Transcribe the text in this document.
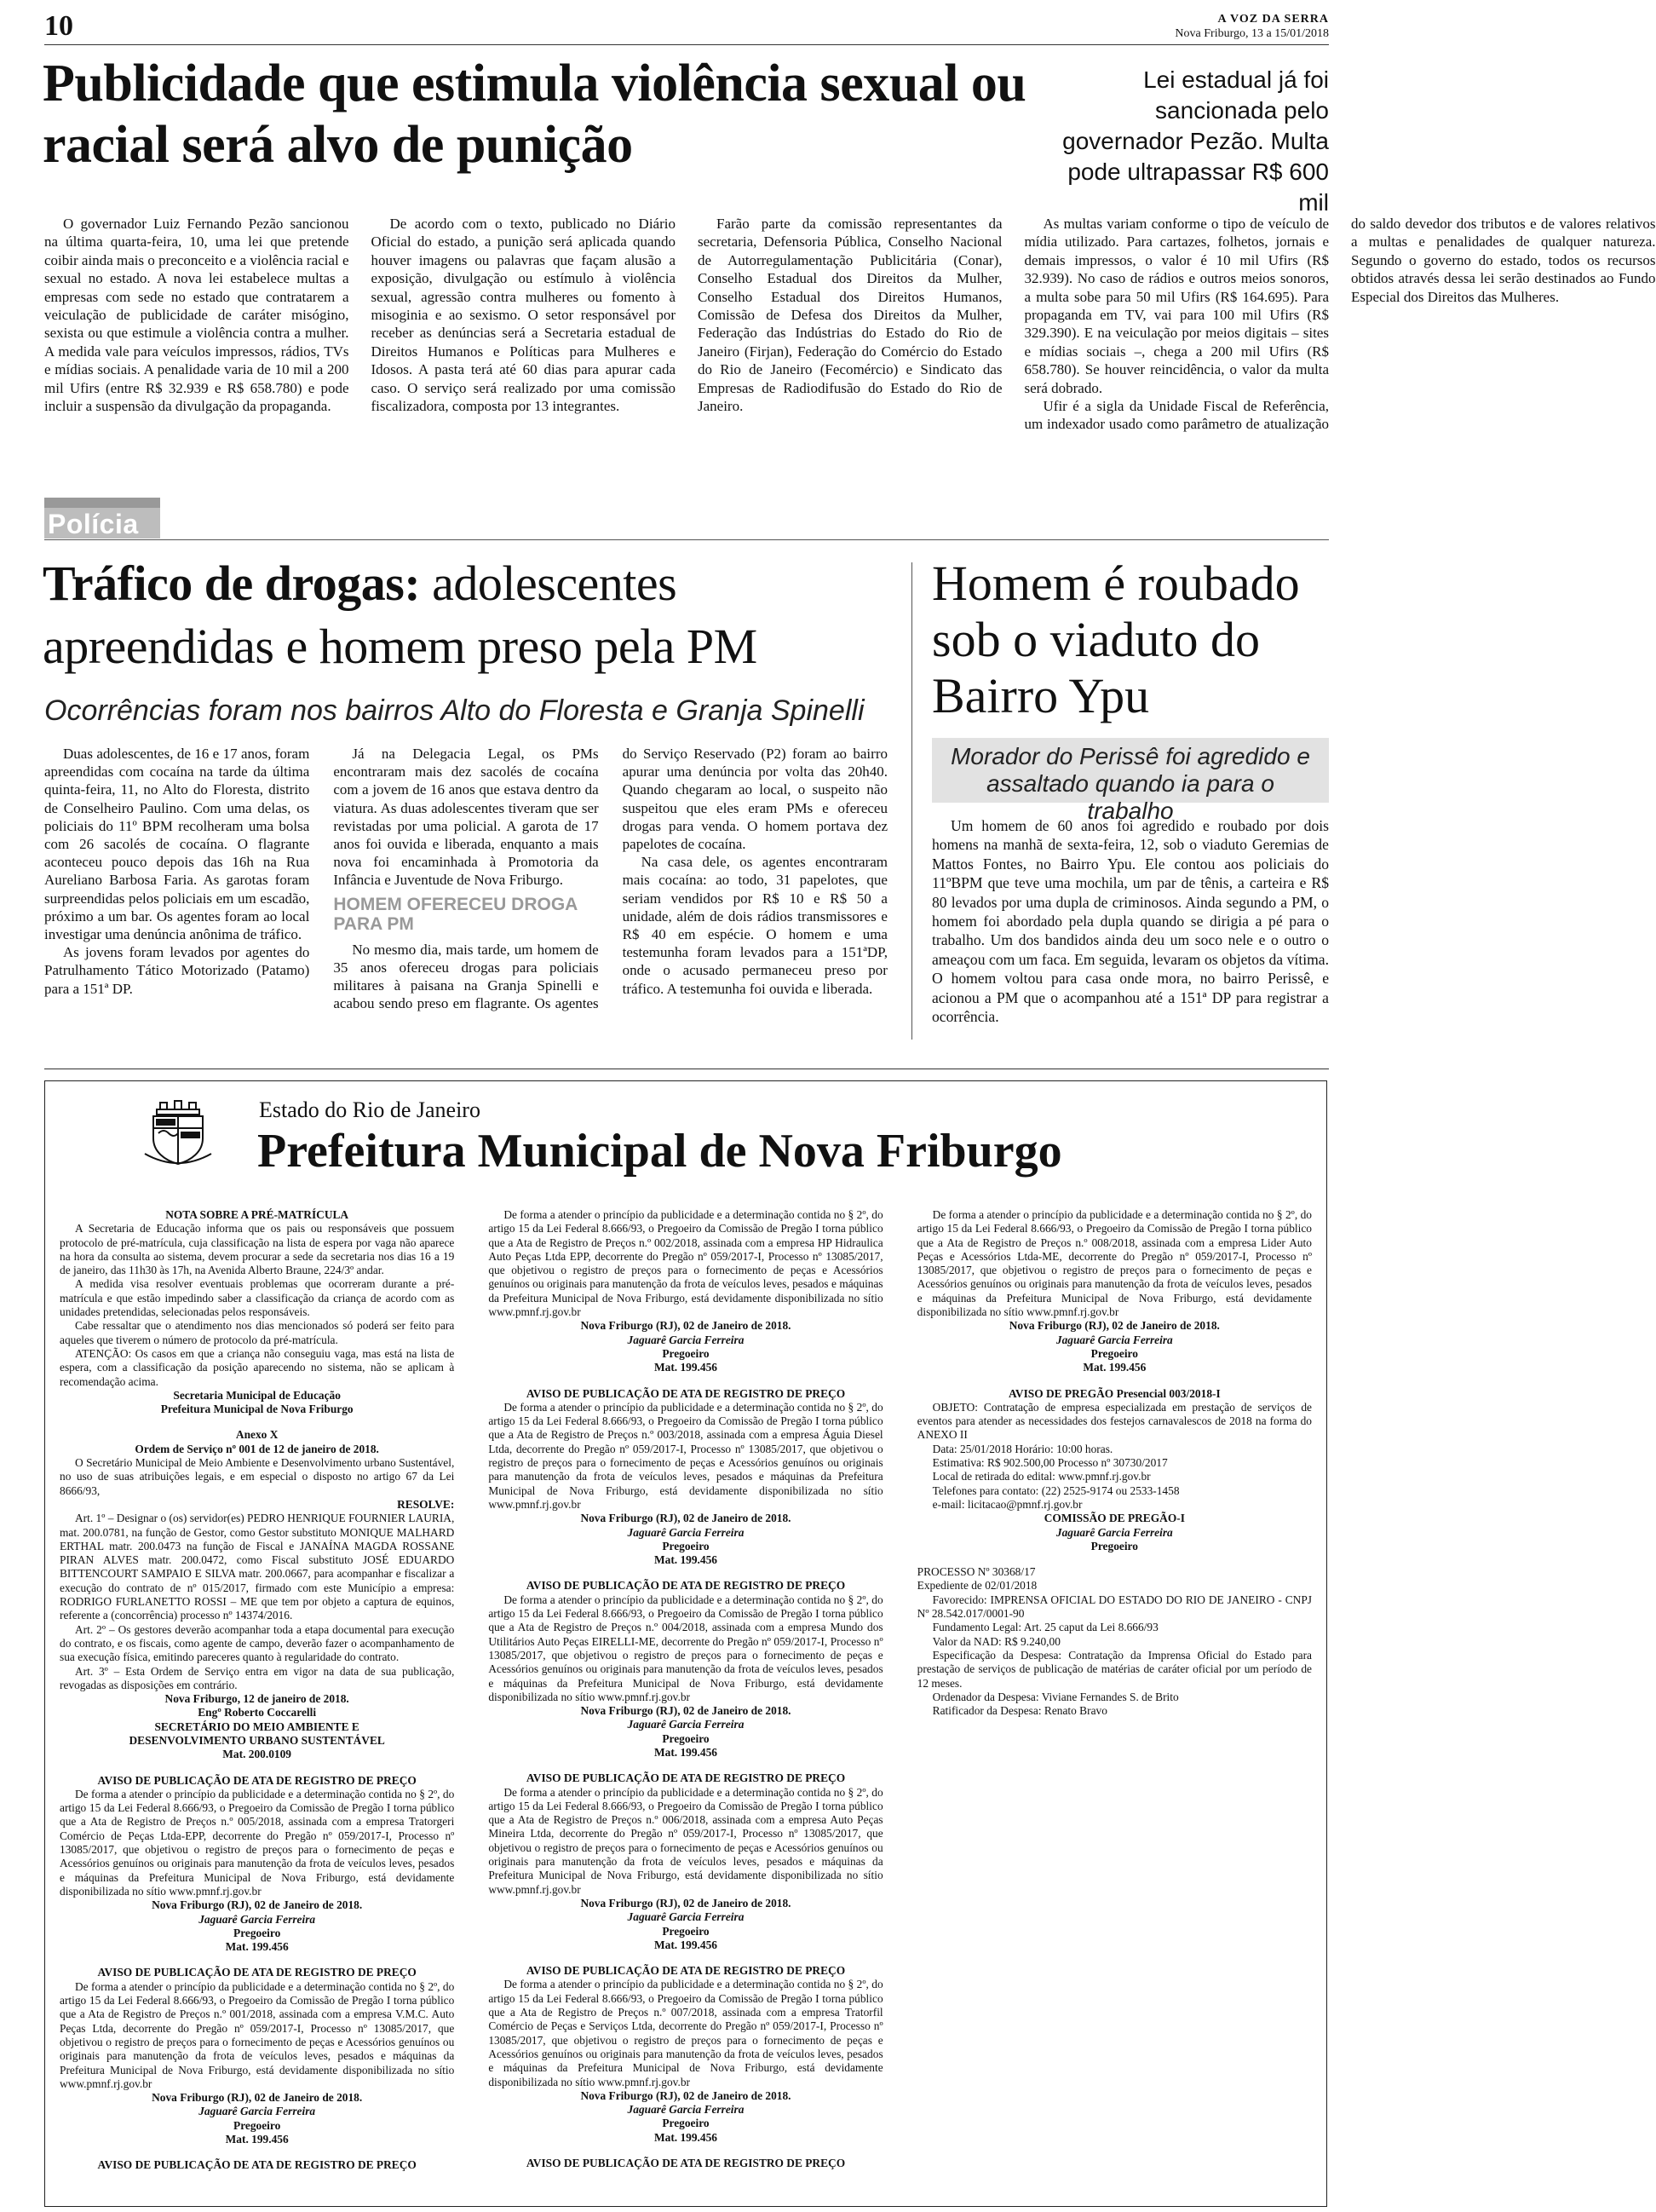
10	A VOZ DA SERRA
Nova Friburgo, 13 a 15/01/2018
Publicidade que estimula violência sexual ou racial será alvo de punição
Lei estadual já foi sancionada pelo governador Pezão. Multa pode ultrapassar R$ 600 mil

O governador Luiz Fernando Pezão sancionou na última quarta-feira, 10, uma lei que pretende coibir ainda mais o preconceito e a violência racial e sexual no estado. A nova lei estabelece multas a empresas com sede no estado que contratarem a veiculação de publicidade de caráter misógino, sexista ou que estimule a violência contra a mulher. A medida vale para veículos impressos, rádios, TVs e mídias sociais. A penalidade varia de 10 mil a 200 mil Ufirs (entre R$ 32.939 e R$ 658.780) e pode incluir a suspensão da divulgação da propaganda.

De acordo com o texto, publicado no Diário Oficial do estado, a punição será aplicada quando houver imagens ou palavras que façam alusão a exposição, divulgação ou estímulo à violência sexual, agressão contra mulheres ou fomento à misoginia e ao sexismo. O setor responsável por receber as denúncias será a Secretaria estadual de Direitos Humanos e Políticas para Mulheres e Idosos. A pasta terá até 60 dias para apurar cada caso. O serviço será realizado por uma comissão fiscalizadora, composta por 13 integrantes.

Farão parte da comissão representantes da secretaria, Defensoria Pública, Conselho Nacional de Autorregulamentação Publicitária (Conar), Conselho Estadual dos Direitos da Mulher, Conselho Estadual dos Direitos Humanos, Comissão de Defesa dos Direitos da Mulher, Federação das Indústrias do Estado do Rio de Janeiro (Firjan), Federação do Comércio do Estado do Rio de Janeiro (Fecomércio) e Sindicato das Empresas de Radiodifusão do Estado do Rio de Janeiro.

As multas variam conforme o tipo de veículo de mídia utilizado. Para cartazes, folhetos, jornais e demais impressos, o valor é 10 mil Ufirs (R$ 32.939). No caso de rádios e outros meios sonoros, a multa sobe para 50 mil Ufirs (R$ 164.695). Para propaganda em TV, vai para 100 mil Ufirs (R$ 329.390). E na veiculação por meios digitais – sites e mídias sociais –, chega a 200 mil Ufirs (R$ 658.780). Se houver reincidência, o valor da multa será dobrado.

Ufir é a sigla da Unidade Fiscal de Referência, um indexador usado como parâmetro de atualização do saldo devedor dos tributos e de valores relativos a multas e penalidades de qualquer natureza. Segundo o governo do estado, todos os recursos obtidos através dessa lei serão destinados ao Fundo Especial dos Direitos das Mulheres.

Polícia
Tráfico de drogas: adolescentes apreendidas e homem preso pela PM
Ocorrências foram nos bairros Alto do Floresta e Granja Spinelli

Duas adolescentes, de 16 e 17 anos, foram apreendidas com cocaína na tarde da última quinta-feira, 11, no Alto do Floresta, distrito de Conselheiro Paulino. Com uma delas, os policiais do 11º BPM recolheram uma bolsa com 26 sacolés de cocaína. O flagrante aconteceu pouco depois das 16h na Rua Aureliano Barbosa Faria. As garotas foram surpreendidas pelos policiais em um escadão, próximo a um bar. Os agentes foram ao local investigar uma denúncia anônima de tráfico.

As jovens foram levados por agentes do Patrulhamento Tático Motorizado (Patamo) para a 151ª DP.

Já na Delegacia Legal, os PMs encontraram mais dez sacolés de cocaína com a jovem de 16 anos que estava dentro da viatura. As duas adolescentes tiveram que ser revistadas por uma policial. A garota de 17 anos foi ouvida e liberada, enquanto a mais nova foi encaminhada à Promotoria da Infância e Juventude de Nova Friburgo.

HOMEM OFERECEU DROGA PARA PM

No mesmo dia, mais tarde, um homem de 35 anos ofereceu drogas para policiais militares à paisana na Granja Spinelli e acabou sendo preso em flagrante. Os agentes do Serviço Reservado (P2) foram ao bairro apurar uma denúncia por volta das 20h40. Quando chegaram ao local, o suspeito não suspeitou que eles eram PMs e ofereceu drogas para venda. O homem portava dez papelotes de cocaína.

Na casa dele, os agentes encontraram mais cocaína: ao todo, 31 papelotes, que seriam vendidos por R$ 10 e R$ 50 a unidade, além de dois rádios transmissores e R$ 40 em espécie. O homem e uma testemunha foram levados para a 151ªDP, onde o acusado permaneceu preso por tráfico. A testemunha foi ouvida e liberada.

Homem é roubado sob o viaduto do Bairro Ypu
Morador do Perissê foi agredido e assaltado quando ia para o trabalho

Um homem de 60 anos foi agredido e roubado por dois homens na manhã de sexta-feira, 12, sob o viaduto Geremias de Mattos Fontes, no Bairro Ypu. Ele contou aos policiais do 11ºBPM que teve uma mochila, um par de tênis, a carteira e R$ 80 levados por uma dupla de criminosos. Ainda segundo a PM, o homem foi abordado pela dupla quando se dirigia a pé para o trabalho. Um dos bandidos ainda deu um soco nele e o outro o ameaçou com um faca. Em seguida, levaram os objetos da vítima. O homem voltou para casa onde mora, no bairro Perissê, e acionou a PM que o acompanhou até a 151ª DP para registrar a ocorrência.

Estado do Rio de Janeiro
Prefeitura Municipal de Nova Friburgo

NOTA SOBRE A PRÉ-MATRÍCULA

A Secretaria de Educação informa que os pais ou responsáveis que possuem protocolo de pré-matrícula, cuja classificação na lista de espera por vaga não aparece na hora da consulta ao sistema, devem procurar a sede da secretaria nos dias 16 a 19 de janeiro, das 11h30 às 17h, na Avenida Alberto Braune, 224/3º andar.

A medida visa resolver eventuais problemas que ocorreram durante a pré-matrícula e que estão impedindo saber a classificação da criança de acordo com as unidades pretendidas, selecionadas pelos responsáveis.

Cabe ressaltar que o atendimento nos dias mencionados só poderá ser feito para aqueles que tiverem o número de protocolo da pré-matrícula.

ATENÇÃO: Os casos em que a criança não conseguiu vaga, mas está na lista de espera, com a classificação da posição aparecendo no sistema, não se aplicam à recomendação acima.

Secretaria Municipal de Educação

Prefeitura Municipal de Nova Friburgo

Anexo X

Ordem de Serviço nº 001 de 12 de janeiro de 2018.

O Secretário Municipal de Meio Ambiente e Desenvolvimento urbano Sustentável, no uso de suas atribuições legais, e em especial o disposto no artigo 67 da Lei 8666/93,

RESOLVE:

Art. 1º – Designar o (os) servidor(es) PEDRO HENRIQUE FOURNIER LAURIA, mat. 200.0781, na função de Gestor, como Gestor substituto MONIQUE MALHARD ERTHAL matr. 200.0473 na função de Fiscal e JANAÍNA MAGDA ROSSANE PIRAN ALVES matr. 200.0472, como Fiscal substituto JOSÉ EDUARDO BITTENCOURT SAMPAIO E SILVA matr. 200.0667, para acompanhar e fiscalizar a execução do contrato de nº 015/2017, firmado com este Município a empresa: RODRIGO FURLANETTO ROSSI – ME que tem por objeto a captura de equinos, referente a (concorrência) processo nº 14374/2016.

Art. 2º – Os gestores deverão acompanhar toda a etapa documental para execução do contrato, e os fiscais, como agente de campo, deverão fazer o acompanhamento de sua execução física, emitindo pareceres quanto à regularidade do contrato.

Art. 3º – Esta Ordem de Serviço entra em vigor na data de sua publicação, revogadas as disposições em contrário.

Nova Friburgo, 12 de janeiro de 2018.

Engº Roberto Coccarelli

SECRETÁRIO DO MEIO AMBIENTE E

DESENVOLVIMENTO URBANO SUSTENTÁVEL

Mat. 200.0109

AVISO DE PUBLICAÇÃO DE ATA DE REGISTRO DE PREÇO

De forma a atender o princípio da publicidade e a determinação contida no § 2º, do artigo 15 da Lei Federal 8.666/93, o Pregoeiro da Comissão de Pregão I torna público que a Ata de Registro de Preços n.º 005/2018, assinada com a empresa Tratorgeri Comércio de Peças Ltda-EPP, decorrente do Pregão nº 059/2017-I, Processo nº 13085/2017, que objetivou o registro de preços para o fornecimento de peças e Acessórios genuínos ou originais para manutenção da frota de veículos leves, pesados e máquinas da Prefeitura Municipal de Nova Friburgo, está devidamente disponibilizada no sítio www.pmnf.rj.gov.br

Nova Friburgo (RJ), 02 de Janeiro de 2018.

Jaguarê Garcia Ferreira

Pregoeiro

Mat. 199.456

AVISO DE PUBLICAÇÃO DE ATA DE REGISTRO DE PREÇO

De forma a atender o princípio da publicidade e a determinação contida no § 2º, do artigo 15 da Lei Federal 8.666/93, o Pregoeiro da Comissão de Pregão I torna público que a Ata de Registro de Preços n.º 001/2018, assinada com a empresa V.M.C. Auto Peças Ltda, decorrente do Pregão nº 059/2017-I, Processo nº 13085/2017, que objetivou o registro de preços para o fornecimento de peças e Acessórios genuínos ou originais para manutenção da frota de veículos leves, pesados e máquinas da Prefeitura Municipal de Nova Friburgo, está devidamente disponibilizada no sítio www.pmnf.rj.gov.br

Nova Friburgo (RJ), 02 de Janeiro de 2018.

Jaguarê Garcia Ferreira

Pregoeiro

Mat. 199.456

AVISO DE PUBLICAÇÃO DE ATA DE REGISTRO DE PREÇO

De forma a atender o princípio da publicidade e a determinação contida no § 2º, do artigo 15 da Lei Federal 8.666/93, o Pregoeiro da Comissão de Pregão I torna público que a Ata de Registro de Preços n.º 002/2018, assinada com a empresa HP Hidraulica Auto Peças Ltda EPP, decorrente do Pregão nº 059/2017-I, Processo nº 13085/2017, que objetivou o registro de preços para o fornecimento de peças e Acessórios genuínos ou originais para manutenção da frota de veículos leves, pesados e máquinas da Prefeitura Municipal de Nova Friburgo, está devidamente disponibilizada no sítio www.pmnf.rj.gov.br

Nova Friburgo (RJ), 02 de Janeiro de 2018.

Jaguarê Garcia Ferreira

Pregoeiro

Mat. 199.456

AVISO DE PUBLICAÇÃO DE ATA DE REGISTRO DE PREÇO

De forma a atender o princípio da publicidade e a determinação contida no § 2º, do artigo 15 da Lei Federal 8.666/93, o Pregoeiro da Comissão de Pregão I torna público que a Ata de Registro de Preços n.º 003/2018, assinada com a empresa Águia Diesel Ltda, decorrente do Pregão nº 059/2017-I, Processo nº 13085/2017, que objetivou o registro de preços para o fornecimento de peças e Acessórios genuínos ou originais para manutenção da frota de veículos leves, pesados e máquinas da Prefeitura Municipal de Nova Friburgo, está devidamente disponibilizada no sítio www.pmnf.rj.gov.br

Nova Friburgo (RJ), 02 de Janeiro de 2018.

Jaguarê Garcia Ferreira

Pregoeiro

Mat. 199.456

AVISO DE PUBLICAÇÃO DE ATA DE REGISTRO DE PREÇO

De forma a atender o princípio da publicidade e a determinação contida no § 2º, do artigo 15 da Lei Federal 8.666/93, o Pregoeiro da Comissão de Pregão I torna público que a Ata de Registro de Preços n.º 004/2018, assinada com a empresa Mundo dos Utilitários Auto Peças EIRELLI-ME, decorrente do Pregão nº 059/2017-I, Processo nº 13085/2017, que objetivou o registro de preços para o fornecimento de peças e Acessórios genuínos ou originais para manutenção da frota de veículos leves, pesados e máquinas da Prefeitura Municipal de Nova Friburgo, está devidamente disponibilizada no sítio www.pmnf.rj.gov.br

Nova Friburgo (RJ), 02 de Janeiro de 2018.

Jaguarê Garcia Ferreira

Pregoeiro

Mat. 199.456

AVISO DE PUBLICAÇÃO DE ATA DE REGISTRO DE PREÇO

De forma a atender o princípio da publicidade e a determinação contida no § 2º, do artigo 15 da Lei Federal 8.666/93, o Pregoeiro da Comissão de Pregão I torna público que a Ata de Registro de Preços n.º 006/2018, assinada com a empresa Auto Peças Mineira Ltda, decorrente do Pregão nº 059/2017-I, Processo nº 13085/2017, que objetivou o registro de preços para o fornecimento de peças e Acessórios genuínos ou originais para manutenção da frota de veículos leves, pesados e máquinas da Prefeitura Municipal de Nova Friburgo, está devidamente disponibilizada no sítio www.pmnf.rj.gov.br

Nova Friburgo (RJ), 02 de Janeiro de 2018.

Jaguarê Garcia Ferreira

Pregoeiro

Mat. 199.456

AVISO DE PUBLICAÇÃO DE ATA DE REGISTRO DE PREÇO

De forma a atender o princípio da publicidade e a determinação contida no § 2º, do artigo 15 da Lei Federal 8.666/93, o Pregoeiro da Comissão de Pregão I torna público que a Ata de Registro de Preços n.º 007/2018, assinada com a empresa Tratorfil Comércio de Peças e Serviços Ltda, decorrente do Pregão nº 059/2017-I, Processo nº 13085/2017, que objetivou o registro de preços para o fornecimento de peças e Acessórios genuínos ou originais para manutenção da frota de veículos leves, pesados e máquinas da Prefeitura Municipal de Nova Friburgo, está devidamente disponibilizada no sítio www.pmnf.rj.gov.br

Nova Friburgo (RJ), 02 de Janeiro de 2018.

Jaguarê Garcia Ferreira

Pregoeiro

Mat. 199.456

AVISO DE PUBLICAÇÃO DE ATA DE REGISTRO DE PREÇO

De forma a atender o princípio da publicidade e a determinação contida no § 2º, do artigo 15 da Lei Federal 8.666/93, o Pregoeiro da Comissão de Pregão I torna público que a Ata de Registro de Preços n.º 008/2018, assinada com a empresa Lider Auto Peças e Acessórios Ltda-ME, decorrente do Pregão nº 059/2017-I, Processo nº 13085/2017, que objetivou o registro de preços para o fornecimento de peças e Acessórios genuínos ou originais para manutenção da frota de veículos leves, pesados e máquinas da Prefeitura Municipal de Nova Friburgo, está devidamente disponibilizada no sítio www.pmnf.rj.gov.br

Nova Friburgo (RJ), 02 de Janeiro de 2018.

Jaguarê Garcia Ferreira

Pregoeiro

Mat. 199.456

AVISO DE PREGÃO Presencial 003/2018-I

OBJETO: Contratação de empresa especializada em prestação de serviços de eventos para atender as necessidades dos festejos carnavalescos de 2018 na forma do ANEXO II

Data: 25/01/2018 Horário: 10:00 horas.

Estimativa: R$ 902.500,00 Processo nº 30730/2017

Local de retirada do edital: www.pmnf.rj.gov.br

Telefones para contato: (22) 2525-9174 ou 2533-1458

e-mail: licitacao@pmnf.rj.gov.br

COMISSÃO DE PREGÃO-I

Jaguarê Garcia Ferreira

Pregoeiro

PROCESSO Nº 30368/17

Expediente de 02/01/2018

Favorecido: IMPRENSA OFICIAL DO ESTADO DO RIO DE JANEIRO - CNPJ Nº 28.542.017/0001-90

Fundamento Legal: Art. 25 caput da Lei 8.666/93

Valor da NAD: R$ 9.240,00

Especificação da Despesa: Contratação da Imprensa Oficial do Estado para prestação de serviços de publicação de matérias de caráter oficial por um período de 12 meses.

Ordenador da Despesa: Viviane Fernandes S. de Brito

Ratificador da Despesa: Renato Bravo
